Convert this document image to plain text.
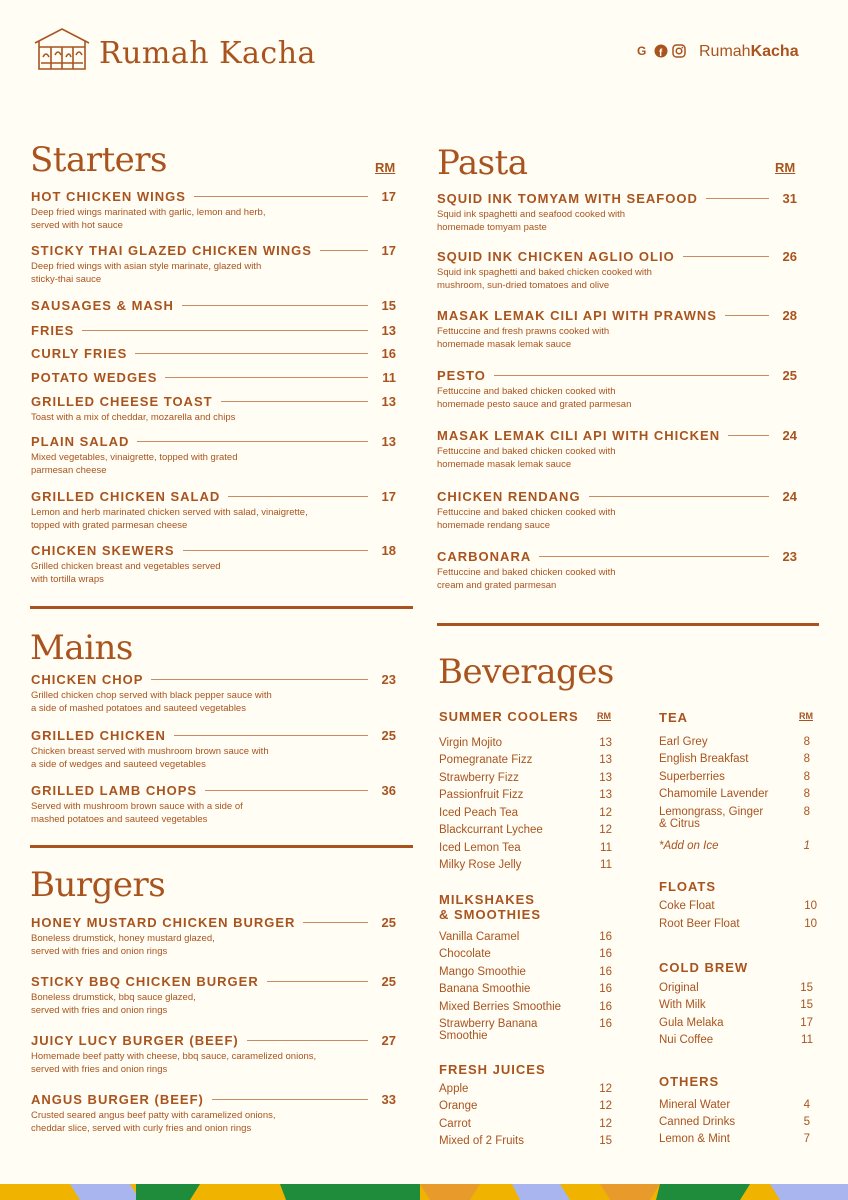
Rumah Kacha	G f RumahKacha
Starters	RM
HOT CHICKEN WINGS	17
Deep fried wings marinated with garlic, lemon and herb,
served with hot sauce
STICKY THAI GLAZED CHICKEN WINGS	17
Deep fried wings with asian style marinate, glazed with
sticky-thai sauce
SAUSAGES & MASH	15
FRIES	13
CURLY FRIES	16
POTATO WEDGES	11
GRILLED CHEESE TOAST	13
Toast with a mix of cheddar, mozarella and chips
PLAIN SALAD	13
Mixed vegetables, vinaigrette, topped with grated
parmesan cheese
GRILLED CHICKEN SALAD	17
Lemon and herb marinated chicken served with salad, vinaigrette,
topped with grated parmesan cheese
CHICKEN SKEWERS	18
Grilled chicken breast and vegetables served
with tortilla wraps
Mains
CHICKEN CHOP	23
Grilled chicken chop served with black pepper sauce with
a side of mashed potatoes and sauteed vegetables
GRILLED CHICKEN	25
Chicken breast served with mushroom brown sauce with
a side of wedges and sauteed vegetables
GRILLED LAMB CHOPS	36
Served with mushroom brown sauce with a side of
mashed potatoes and sauteed vegetables
Burgers
HONEY MUSTARD CHICKEN BURGER	25
Boneless drumstick, honey mustard glazed,
served with fries and onion rings
STICKY BBQ CHICKEN BURGER	25
Boneless drumstick, bbq sauce glazed,
served with fries and onion rings
JUICY LUCY BURGER (BEEF)	27
Homemade beef patty with cheese, bbq sauce, caramelized onions,
served with fries and onion rings
ANGUS BURGER (BEEF)	33
Crusted seared angus beef patty with caramelized onions,
cheddar slice, served with curly fries and onion rings
Pasta	RM
SQUID INK TOMYAM WITH SEAFOOD	31
Squid ink spaghetti and seafood cooked with
homemade tomyam paste
SQUID INK CHICKEN AGLIO OLIO	26
Squid ink spaghetti and baked chicken cooked with
mushroom, sun-dried tomatoes and olive
MASAK LEMAK CILI API WITH PRAWNS	28
Fettuccine and fresh prawns cooked with
homemade masak lemak sauce
PESTO	25
Fettuccine and baked chicken cooked with
homemade pesto sauce and grated parmesan
MASAK LEMAK CILI API WITH CHICKEN	24
Fettuccine and baked chicken cooked with
homemade masak lemak sauce
CHICKEN RENDANG	24
Fettuccine and baked chicken cooked with
homemade rendang sauce
CARBONARA	23
Fettuccine and baked chicken cooked with
cream and grated parmesan
Beverages
SUMMER COOLERS RM
Virgin Mojito	13
Pomegranate Fizz	13
Strawberry Fizz	13
Passionfruit Fizz	13
Iced Peach Tea	12
Blackcurrant Lychee	12
Iced Lemon Tea	11
Milky Rose Jelly	11
MILKSHAKES
& SMOOTHIES
Vanilla Caramel	16
Chocolate	16
Mango Smoothie	16
Banana Smoothie	16
Mixed Berries Smoothie	16
Strawberry Banana
Smoothie
16
FRESH JUICES
Apple	12
Orange	12
Carrot	12
Mixed of 2 Fruits	15
TEA	RM
Earl Grey	8
English Breakfast	8
Superberries	8
Chamomile Lavender	8
Lemongrass, Ginger
& Citrus
8
*Add on Ice	1
FLOATS
Coke Float	10
Root Beer Float	10
COLD BREW
Original	15
With Milk	15
Gula Melaka	17
Nui Coffee	11
OTHERS
Mineral Water	4
Canned Drinks	5
Lemon & Mint	7
